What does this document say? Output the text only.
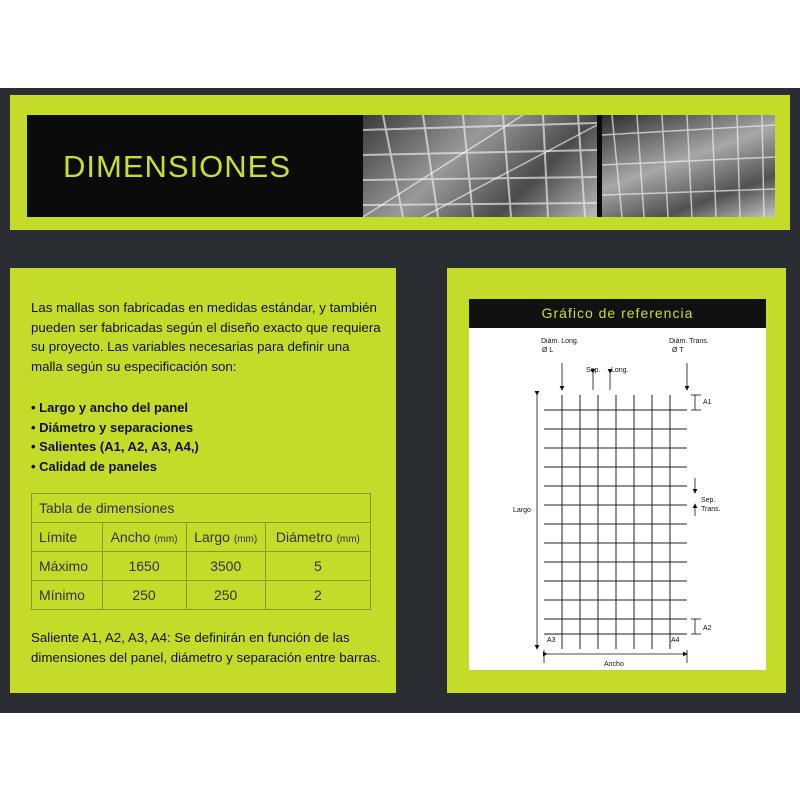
DIMENSIONES
Las mallas son fabricadas en medidas estándar, y también pueden ser fabricadas según el diseño exacto que requiera su proyecto. Las variables necesarias para definir una malla según su especificación son:
• Largo y ancho del panel
• Diámetro y separaciones
• Salientes (A1, A2, A3, A4,)
• Calidad de paneles
Tabla de dimensiones			
Límite	Ancho (mm)	Largo (mm)	Diámetro (mm)
Máximo	1650	3500	5
Mínimo	250	250	2
Saliente A1, A2, A3, A4: Se definirán en función de las dimensiones del panel, diámetro y separación entre barras.
Gráfico de referencia
Diám. Long.
Ø L
Diám. Trans.
Ø T
Sep. Long.
A1
A2
A3	A4
Largo
Ancho
Sep.
Trans.
